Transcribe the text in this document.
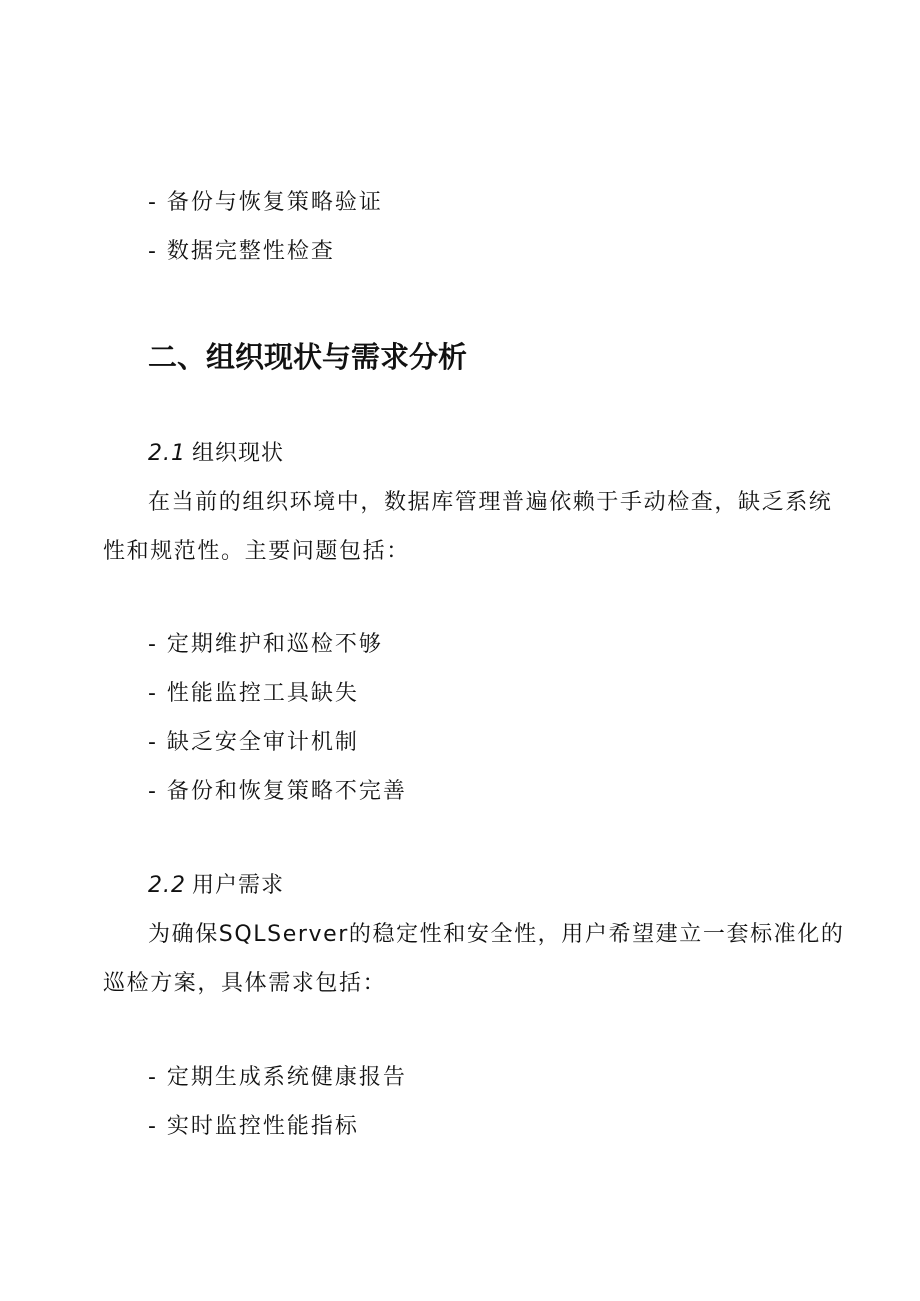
- 备份与恢复策略验证
- 数据完整性检查
二、组织现状与需求分析
2.1 组织现状
在当前的组织环境中，数据库管理普遍依赖于手动检查，缺乏系统
性和规范性。主要问题包括：
- 定期维护和巡检不够
- 性能监控工具缺失
- 缺乏安全审计机制
- 备份和恢复策略不完善
2.2 用户需求
为确保SQLServer的稳定性和安全性，用户希望建立一套标准化的
巡检方案，具体需求包括：
- 定期生成系统健康报告
- 实时监控性能指标
